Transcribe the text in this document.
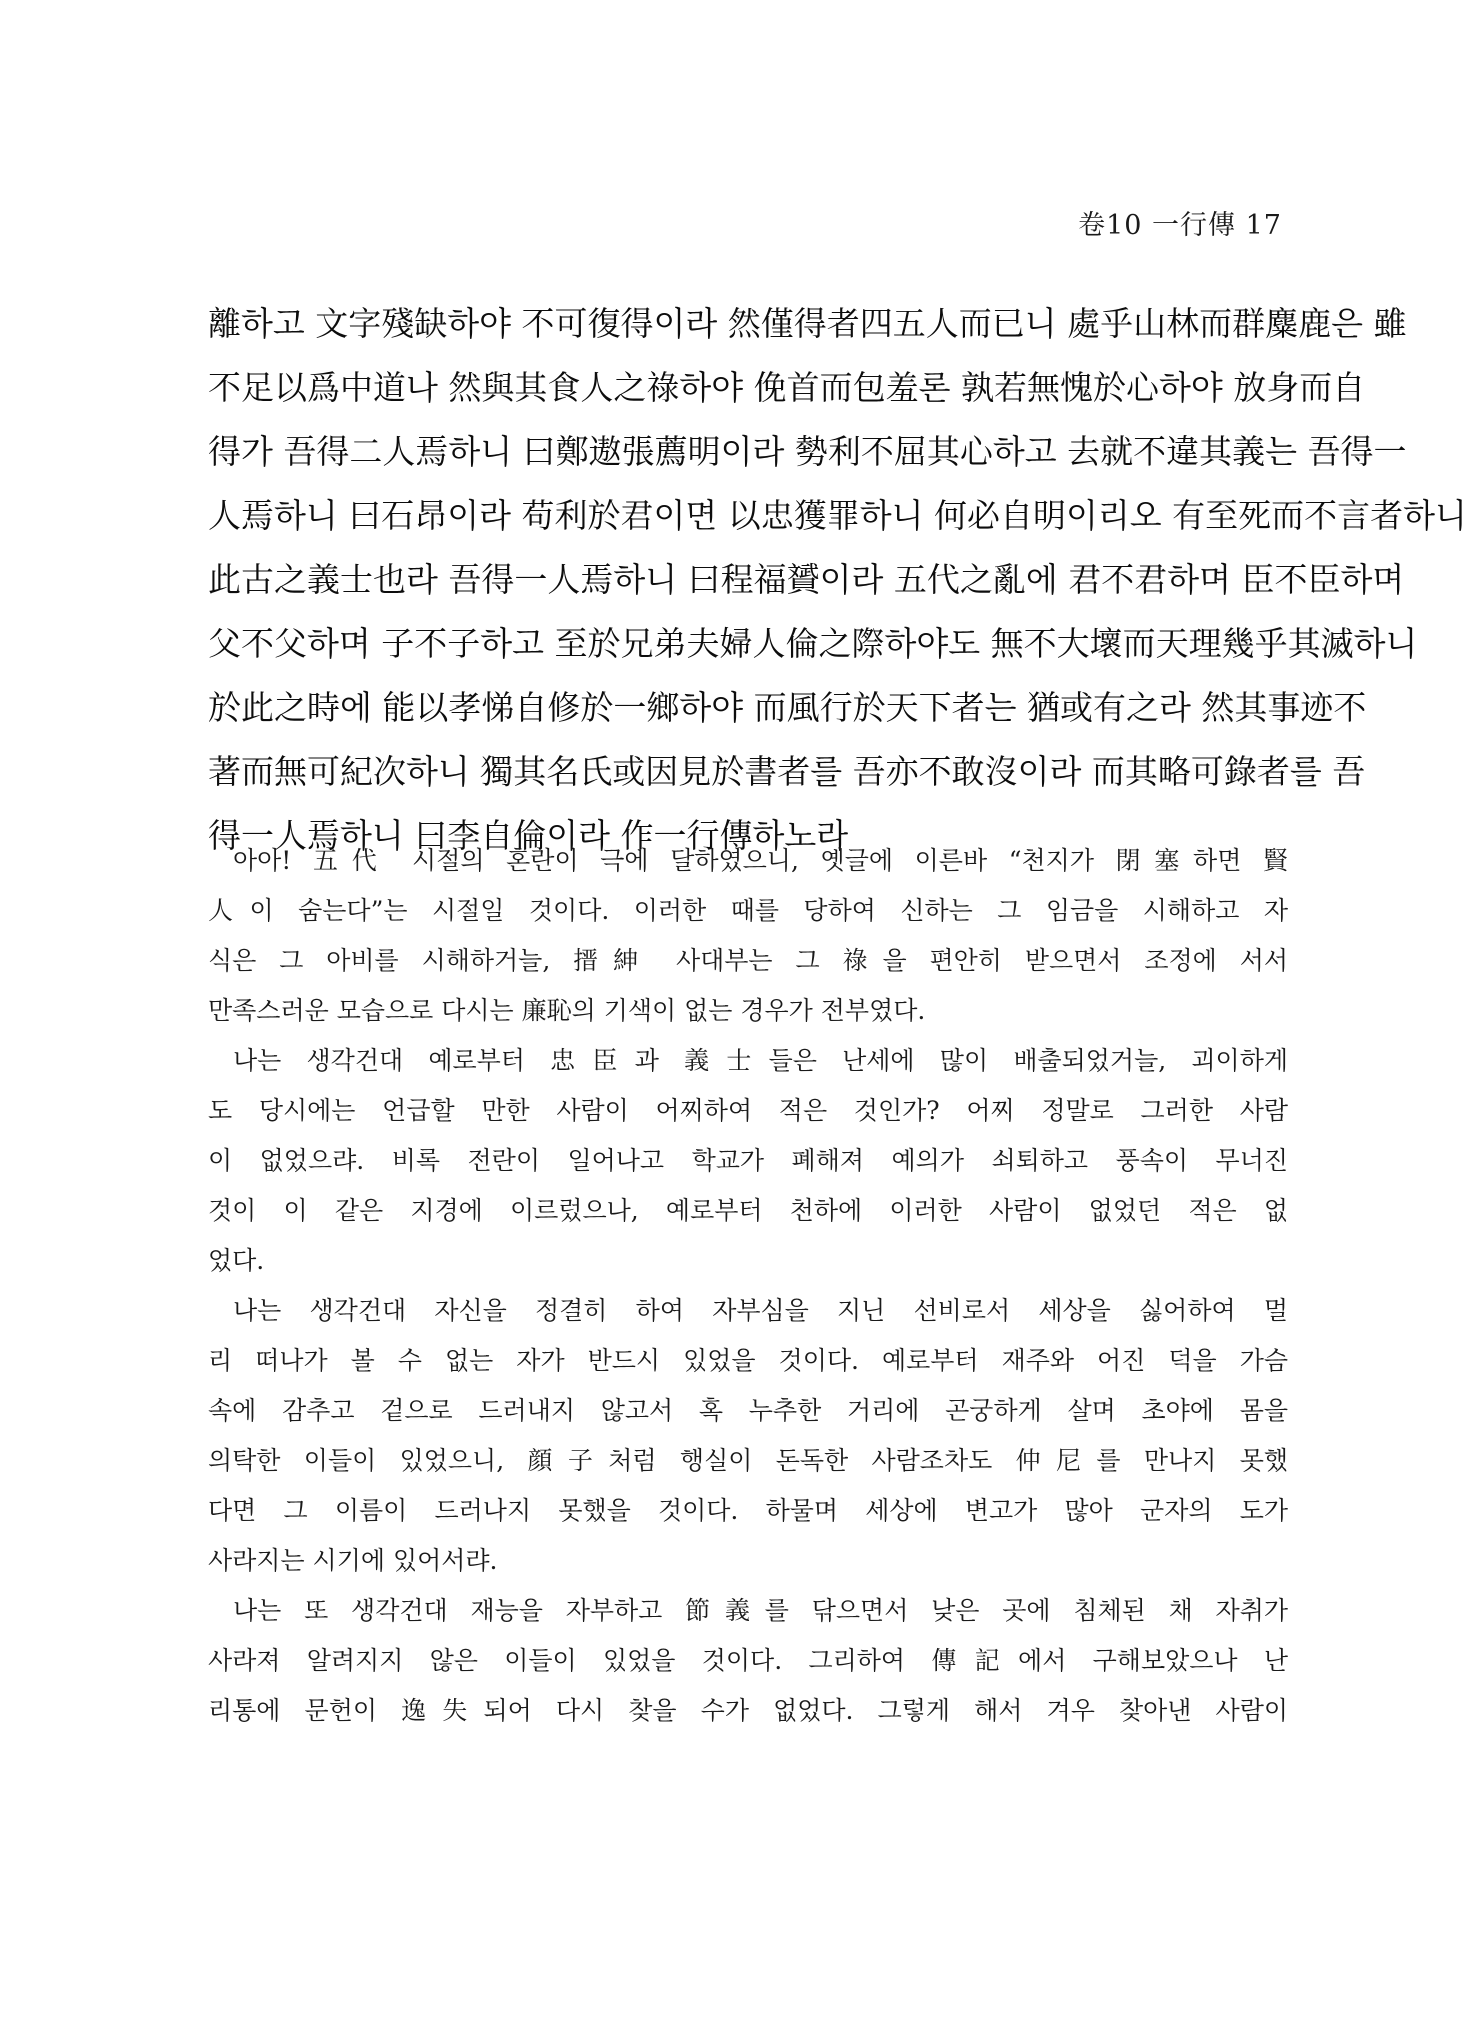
卷10 一行傳 17
離하고 文字殘缺하야 不可復得이라 然僅得者四五人而已니 處乎山林而群麋鹿은 雖
不足以爲中道나 然與其食人之祿하야 俛首而包羞론 孰若無愧於心하야 放身而自
得가 吾得二人焉하니 曰鄭遨張薦明이라 勢利不屈其心하고 去就不違其義는 吾得一
人焉하니 曰石昂이라 苟利於君이면 以忠獲罪하니 何必自明이리오 有至死而不言者하니
此古之義士也라 吾得一人焉하니 曰程福贇이라 五代之亂에 君不君하며 臣不臣하며
父不父하며 子不子하고 至於兄弟夫婦人倫之際하야도 無不大壞而天理幾乎其滅하니
於此之時에 能以孝悌自修於一鄉하야 而風行於天下者는 猶或有之라 然其事迹不
著而無可紀次하니 獨其名氏或因見於書者를 吾亦不敢沒이라 而其略可錄者를 吾
得一人焉하니 曰李自倫이라 作一行傳하노라
아아! 五代 시절의 혼란이 극에 달하였으니, 옛글에 이른바 “천지가 閉塞하면 賢
人이 숨는다”는 시절일 것이다. 이러한 때를 당하여 신하는 그 임금을 시해하고 자
식은 그 아비를 시해하거늘, 搢紳 사대부는 그 祿을 편안히 받으면서 조정에 서서
만족스러운 모습으로 다시는 廉恥의 기색이 없는 경우가 전부였다.
나는 생각건대 예로부터 忠臣과 義士들은 난세에 많이 배출되었거늘, 괴이하게
도 당시에는 언급할 만한 사람이 어찌하여 적은 것인가? 어찌 정말로 그러한 사람
이 없었으랴. 비록 전란이 일어나고 학교가 폐해져 예의가 쇠퇴하고 풍속이 무너진
것이 이 같은 지경에 이르렀으나, 예로부터 천하에 이러한 사람이 없었던 적은 없
었다.
나는 생각건대 자신을 정결히 하여 자부심을 지닌 선비로서 세상을 싫어하여 멀
리 떠나가 볼 수 없는 자가 반드시 있었을 것이다. 예로부터 재주와 어진 덕을 가슴
속에 감추고 겉으로 드러내지 않고서 혹 누추한 거리에 곤궁하게 살며 초야에 몸을
의탁한 이들이 있었으니, 顔子처럼 행실이 돈독한 사람조차도 仲尼를 만나지 못했
다면 그 이름이 드러나지 못했을 것이다. 하물며 세상에 변고가 많아 군자의 도가
사라지는 시기에 있어서랴.
나는 또 생각건대 재능을 자부하고 節義를 닦으면서 낮은 곳에 침체된 채 자취가
사라져 알려지지 않은 이들이 있었을 것이다. 그리하여 傳記에서 구해보았으나 난
리통에 문헌이 逸失되어 다시 찾을 수가 없었다. 그렇게 해서 겨우 찾아낸 사람이
